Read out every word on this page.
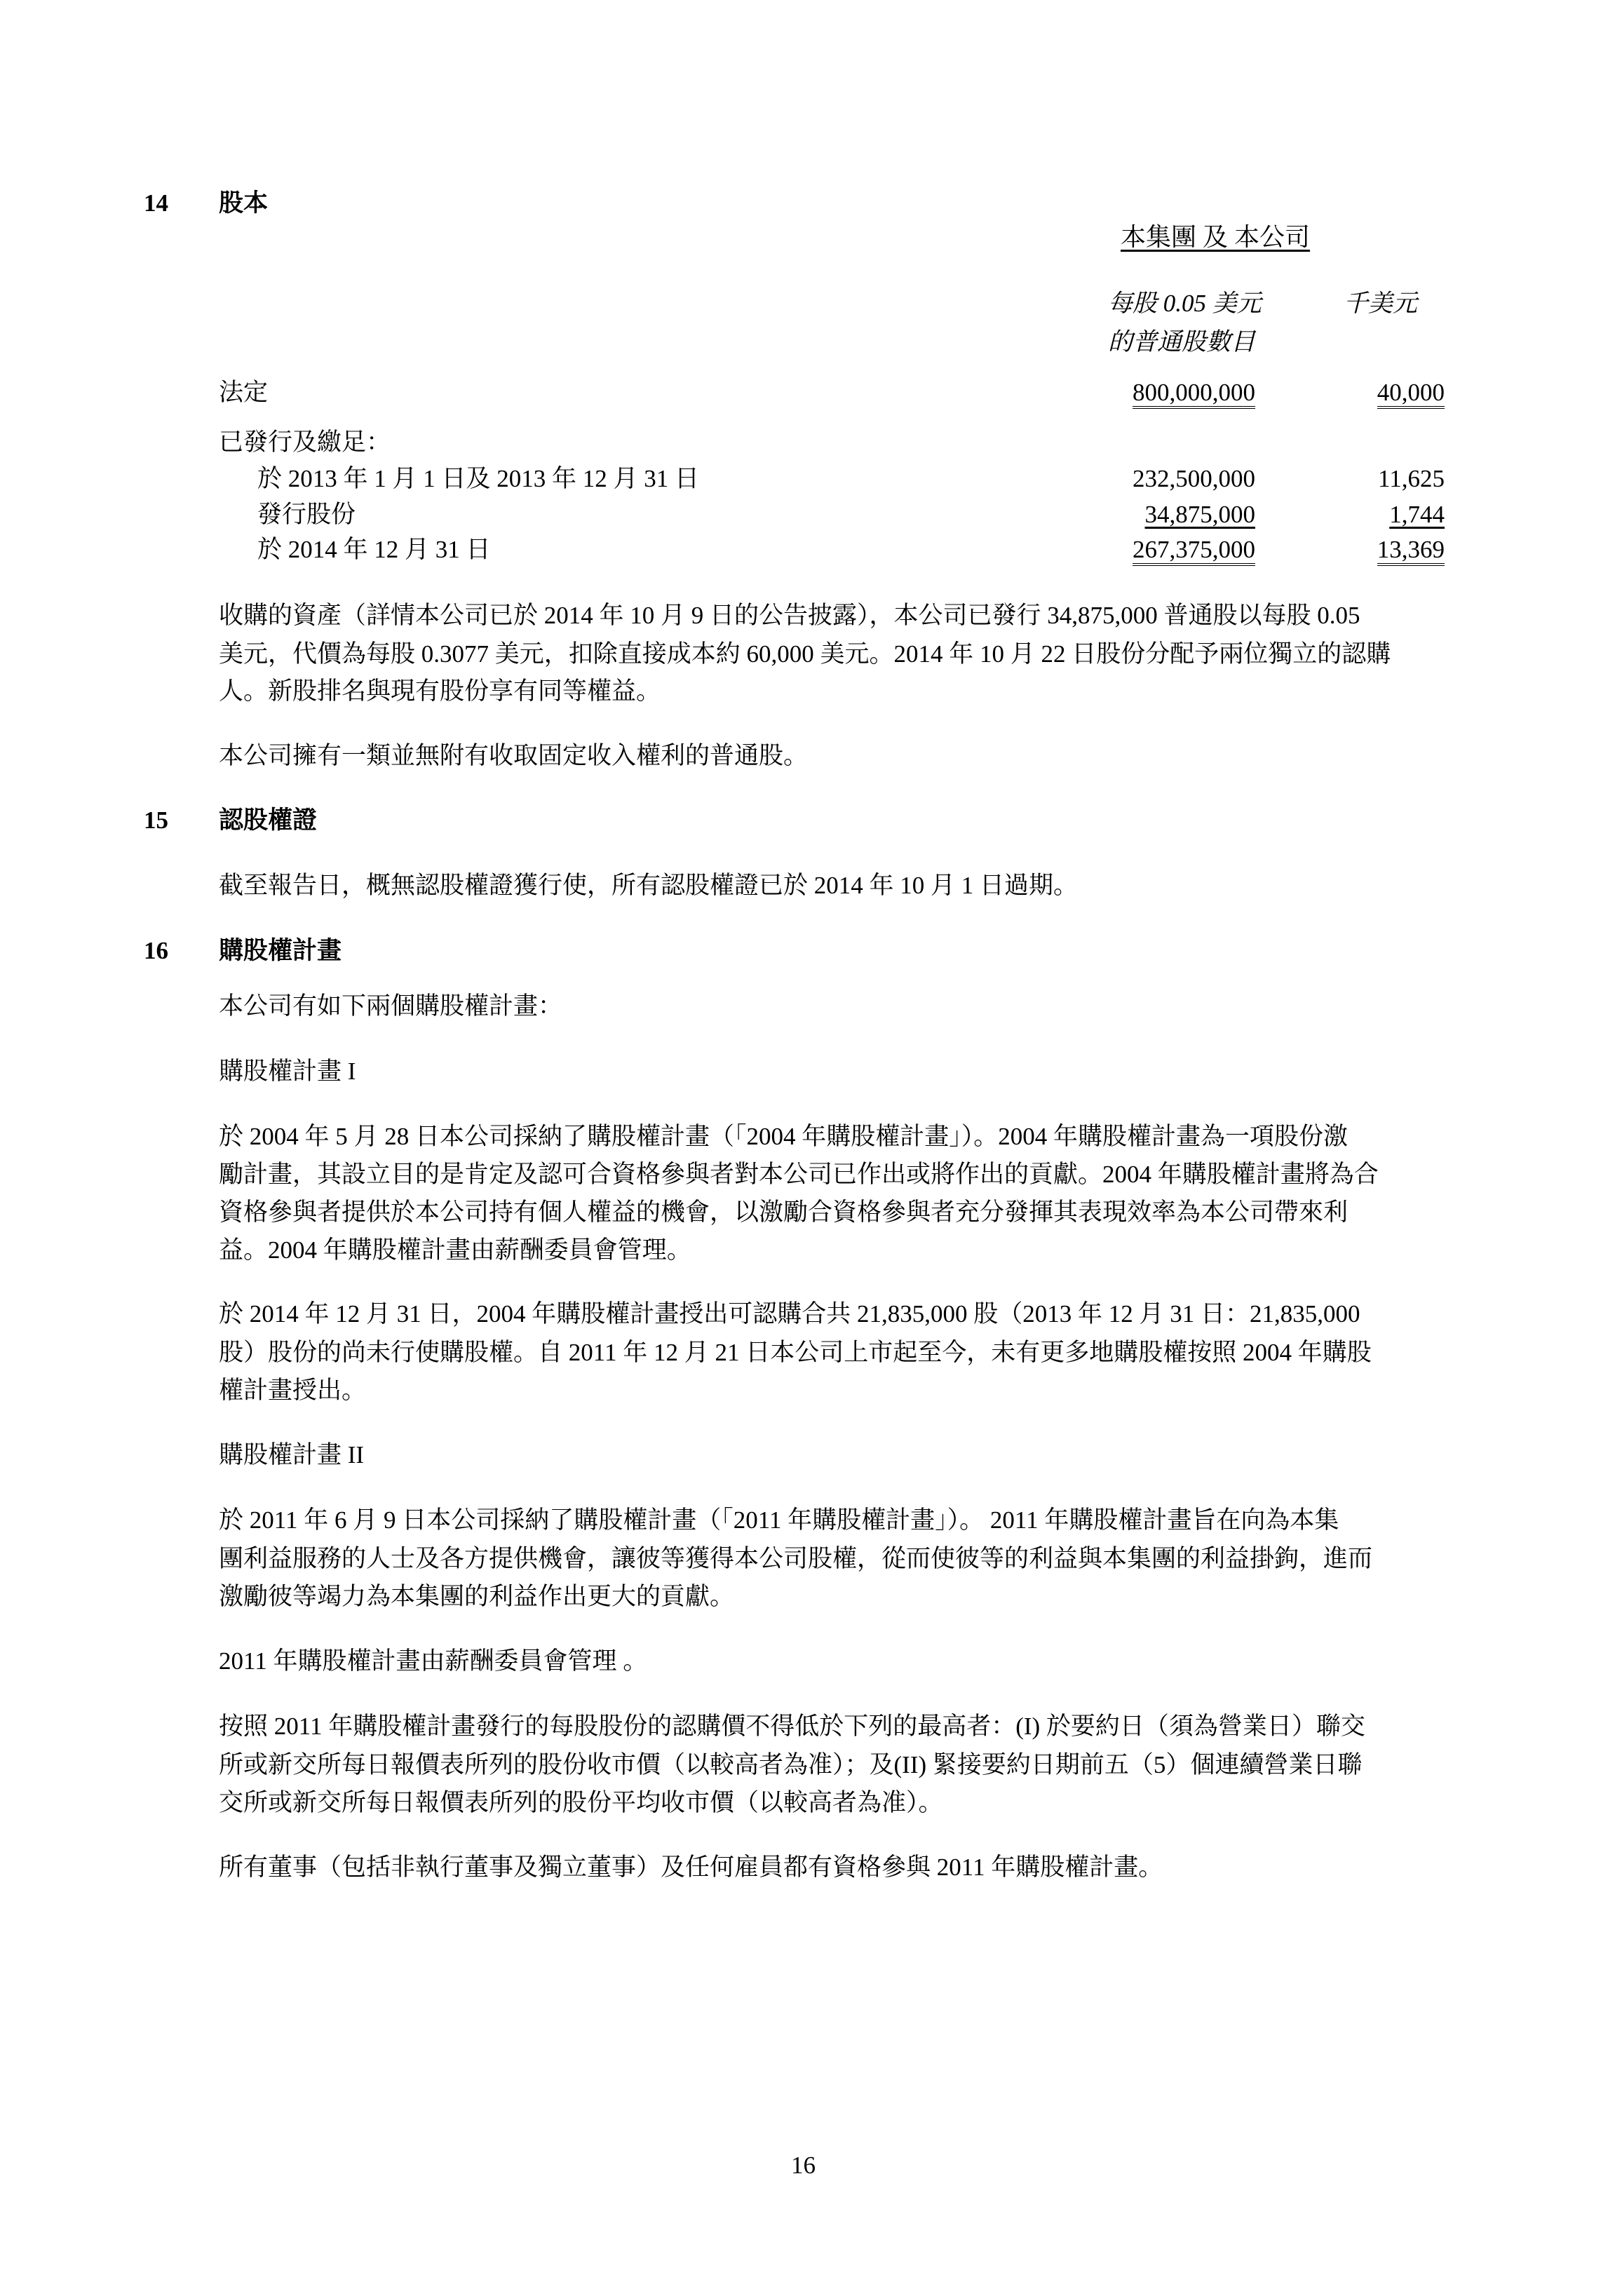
14 股本
本集團 及 本公司
每股 0.05 美元
的普通股數目
千美元
法定	800,000,000	40,000
已發行及繳足：
於 2013 年 1 月 1 日及 2013 年 12 月 31 日	232,500,000	11,625
發行股份	34,875,000	1,744
於 2014 年 12 月 31 日	267,375,000	13,369
收購的資產（詳情本公司已於 2014 年 10 月 9 日的公告披露），本公司已發行 34,875,000 普通股以每股 0.05
美元，代價為每股 0.3077 美元，扣除直接成本約 60,000 美元。2014 年 10 月 22 日股份分配予兩位獨立的認購
人。新股排名與現有股份享有同等權益。
本公司擁有一類並無附有收取固定收入權利的普通股。
15 認股權證
截至報告日，概無認股權證獲行使，所有認股權證已於 2014 年 10 月 1 日過期。
16 購股權計畫
本公司有如下兩個購股權計畫：
購股權計畫 I
於 2004 年 5 月 28 日本公司採納了購股權計畫（「2004 年購股權計畫」）。2004 年購股權計畫為一項股份激
勵計畫，其設立目的是肯定及認可合資格參與者對本公司已作出或將作出的貢獻。2004 年購股權計畫將為合
資格參與者提供於本公司持有個人權益的機會，以激勵合資格參與者充分發揮其表現效率為本公司帶來利
益。2004 年購股權計畫由薪酬委員會管理。
於 2014 年 12 月 31 日，2004 年購股權計畫授出可認購合共 21,835,000 股（2013 年 12 月 31 日：21,835,000
股）股份的尚未行使購股權。自 2011 年 12 月 21 日本公司上市起至今，未有更多地購股權按照 2004 年購股
權計畫授出。
購股權計畫 II
於 2011 年 6 月 9 日本公司採納了購股權計畫（「2011 年購股權計畫」）。 2011 年購股權計畫旨在向為本集
團利益服務的人士及各方提供機會，讓彼等獲得本公司股權，從而使彼等的利益與本集團的利益掛鉤，進而
激勵彼等竭力為本集團的利益作出更大的貢獻。
2011 年購股權計畫由薪酬委員會管理 。
按照 2011 年購股權計畫發行的每股股份的認購價不得低於下列的最高者：(I) 於要約日（須為營業日）聯交
所或新交所每日報價表所列的股份收市價（以較高者為准）；及(II) 緊接要約日期前五（5）個連續營業日聯
交所或新交所每日報價表所列的股份平均收市價（以較高者為准）。
所有董事（包括非執行董事及獨立董事）及任何雇員都有資格參與 2011 年購股權計畫。
16
